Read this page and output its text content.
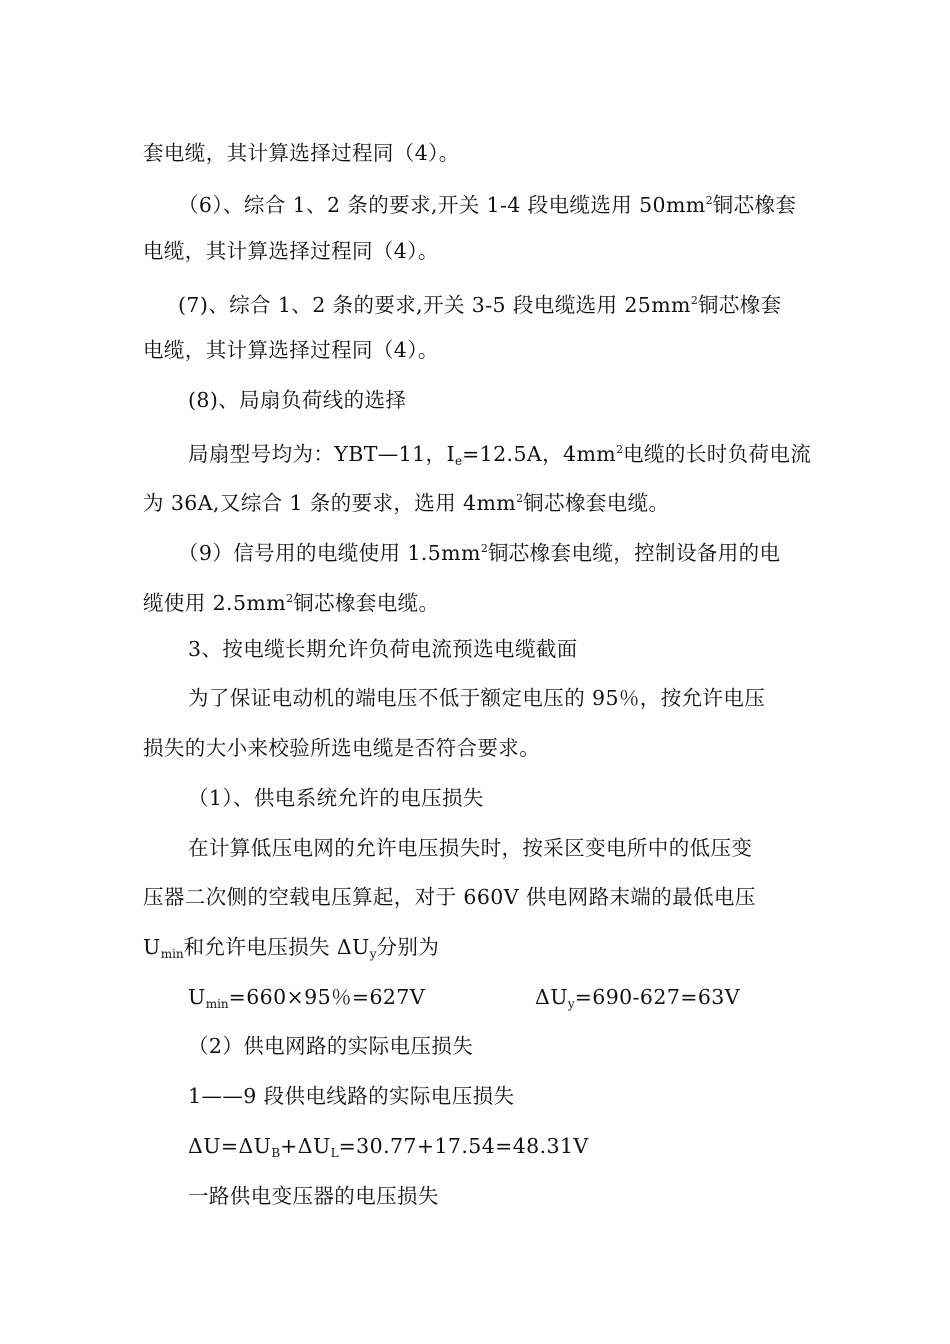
套电缆，其计算选择过程同（4）。
（6）、综合 1、2 条的要求,开关 1-4 段电缆选用 $50mm^2$铜芯橡套
电缆，其计算选择过程同（4）。
(7)、综合 1、2 条的要求,开关 3-5 段电缆选用 $25mm^2$铜芯橡套
电缆，其计算选择过程同（4）。
(8)、局扇负荷线的选择
局扇型号均为：YBT—11，$I_e=12.5A$，$4mm^2$电缆的长时负荷电流
为 36A,又综合 1 条的要求，选用 $4mm^2$铜芯橡套电缆。
（9）信号用的电缆使用 $1.5mm^2$铜芯橡套电缆，控制设备用的电
缆使用 $2.5mm^2$铜芯橡套电缆。
3、按电缆长期允许负荷电流预选电缆截面
为了保证电动机的端电压不低于额定电压的 95％，按允许电压
损失的大小来校验所选电缆是否符合要求。
（1）、供电系统允许的电压损失
在计算低压电网的允许电压损失时，按采区变电所中的低压变
压器二次侧的空载电压算起，对于 660V 供电网路末端的最低电压
$U_{min}$和允许电压损失 $\Delta U_y$分别为
$U_{min}=660\times 95$％=627V	$\Delta U_y=690-627=63V$
（2）供电网路的实际电压损失
1——9 段供电线路的实际电压损失
$\Delta U=\Delta U_B+\Delta U_L=30.77+17.54=48.31V$
一路供电变压器的电压损失
